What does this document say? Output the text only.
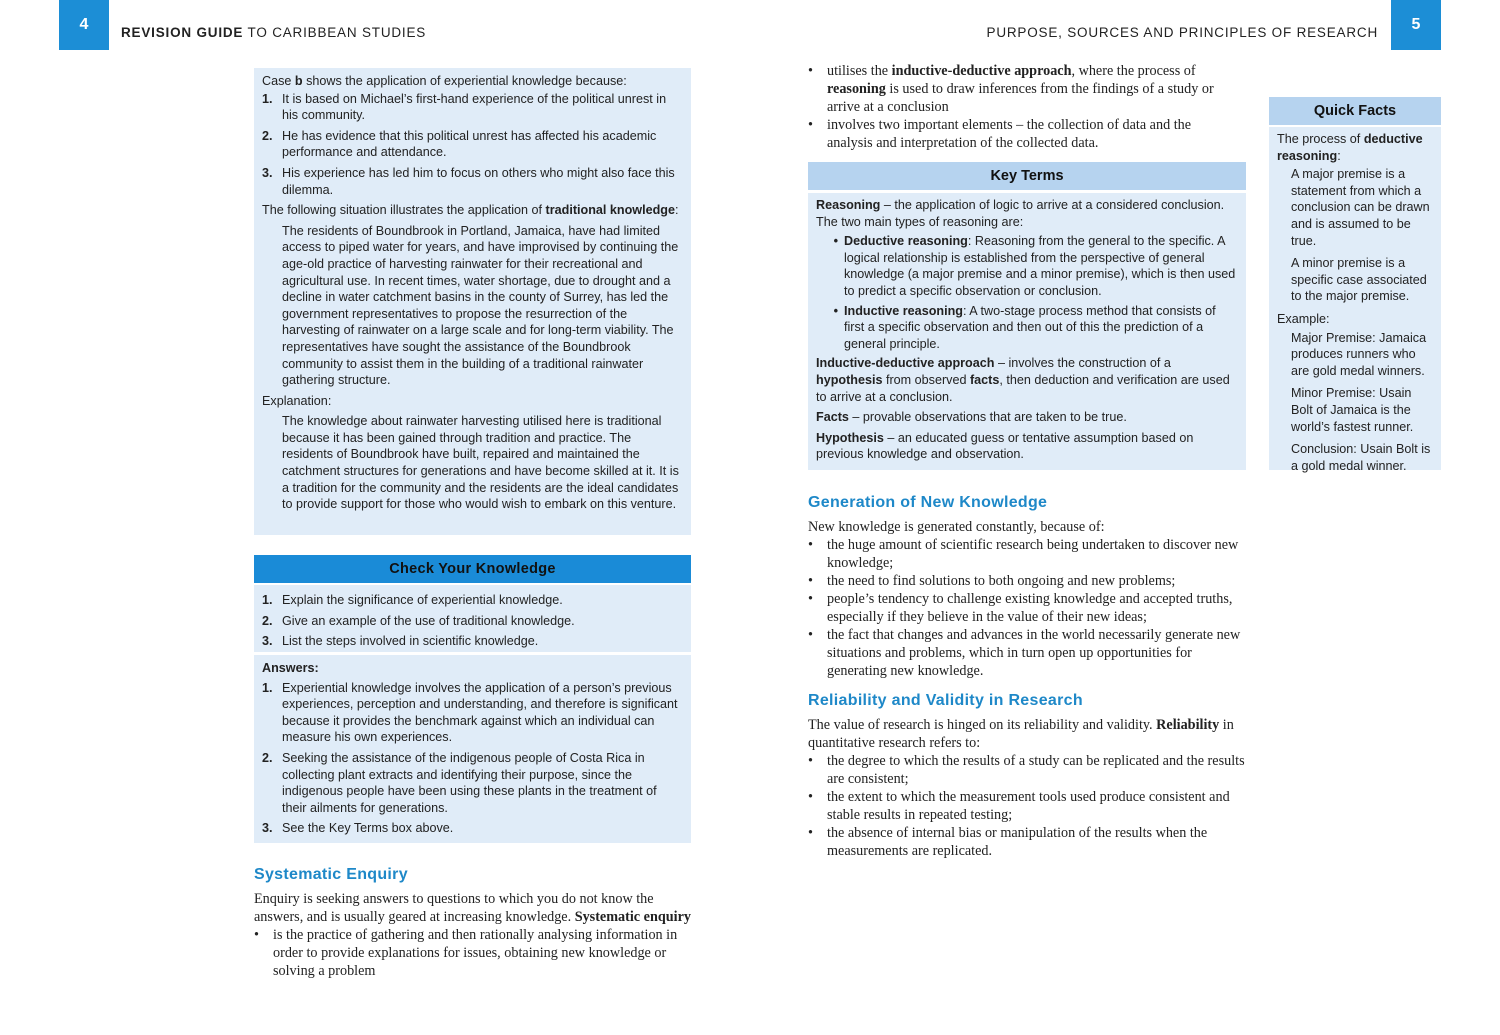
4	REVISION GUIDE TO CARIBBEAN STUDIES	PURPOSE, SOURCES AND PRINCIPLES OF RESEARCH	5

Case b shows the application of experiential knowledge because:

1. It is based on Michael’s first-hand experience of the political unrest in his community.
2. He has evidence that this political unrest has affected his academic performance and attendance.
3. His experience has led him to focus on others who might also face this dilemma.

The following situation illustrates the application of traditional knowledge:

The residents of Boundbrook in Portland, Jamaica, have had limited access to piped water for years, and have improvised by continuing the age-old practice of harvesting rainwater for their recreational and agricultural use. In recent times, water shortage, due to drought and a decline in water catchment basins in the county of Surrey, has led the government representatives to propose the resurrection of the harvesting of rainwater on a large scale and for long-term viability. The representatives have sought the assistance of the Boundbrook community to assist them in the building of a traditional rainwater gathering structure.

Explanation:

The knowledge about rainwater harvesting utilised here is traditional because it has been gained through tradition and practice. The residents of Boundbrook have built, repaired and maintained the catchment structures for generations and have become skilled at it. It is a tradition for the community and the residents are the ideal candidates to provide support for those who would wish to embark on this venture.

Check Your Knowledge
1. Explain the significance of experiential knowledge.
2. Give an example of the use of traditional knowledge.
3. List the steps involved in scientific knowledge.

Answers:

1. Experiential knowledge involves the application of a person’s previous experiences, perception and understanding, and therefore is significant because it provides the benchmark against which an individual can measure his own experiences.
2. Seeking the assistance of the indigenous people of Costa Rica in collecting plant extracts and identifying their purpose, since the indigenous people have been using these plants in the treatment of their ailments for generations.
3. See the Key Terms box above.
Systematic Enquiry

Enquiry is seeking answers to questions to which you do not know the answers, and is usually geared at increasing knowledge. Systematic enquiry

• is the practice of gathering and then rationally analysing information in order to provide explanations for issues, obtaining new knowledge or solving a problem
• utilises the inductive-deductive approach, where the process of reasoning is used to draw inferences from the findings of a study or arrive at a conclusion
• involves two important elements – the collection of data and the analysis and interpretation of the collected data.
Key Terms

Reasoning – the application of logic to arrive at a considered conclusion. The two main types of reasoning are:

• Deductive reasoning: Reasoning from the general to the specific. A logical relationship is established from the perspective of general knowledge (a major premise and a minor premise), which is then used to predict a specific observation or conclusion.
• Inductive reasoning: A two-stage process method that consists of first a specific observation and then out of this the prediction of a general principle.

Inductive-deductive approach – involves the construction of a hypothesis from observed facts, then deduction and verification are used to arrive at a conclusion.

Facts – provable observations that are taken to be true.

Hypothesis – an educated guess or tentative assumption based on previous knowledge and observation.

Quick Facts

The process of deductive reasoning:

A major premise is a statement from which a conclusion can be drawn and is assumed to be true.

A minor premise is a specific case associated to the major premise.

Example:

Major Premise: Jamaica produces runners who are gold medal winners.

Minor Premise: Usain Bolt of Jamaica is the world’s fastest runner.

Conclusion: Usain Bolt is a gold medal winner.

Generation of New Knowledge

New knowledge is generated constantly, because of:

• the huge amount of scientific research being undertaken to discover new knowledge;
• the need to find solutions to both ongoing and new problems;
• people’s tendency to challenge existing knowledge and accepted truths, especially if they believe in the value of their new ideas;
• the fact that changes and advances in the world necessarily generate new situations and problems, which in turn open up opportunities for generating new knowledge.
Reliability and Validity in Research

The value of research is hinged on its reliability and validity. Reliability in quantitative research refers to:

• the degree to which the results of a study can be replicated and the results are consistent;
• the extent to which the measurement tools used produce consistent and stable results in repeated testing;
• the absence of internal bias or manipulation of the results when the measurements are replicated.
